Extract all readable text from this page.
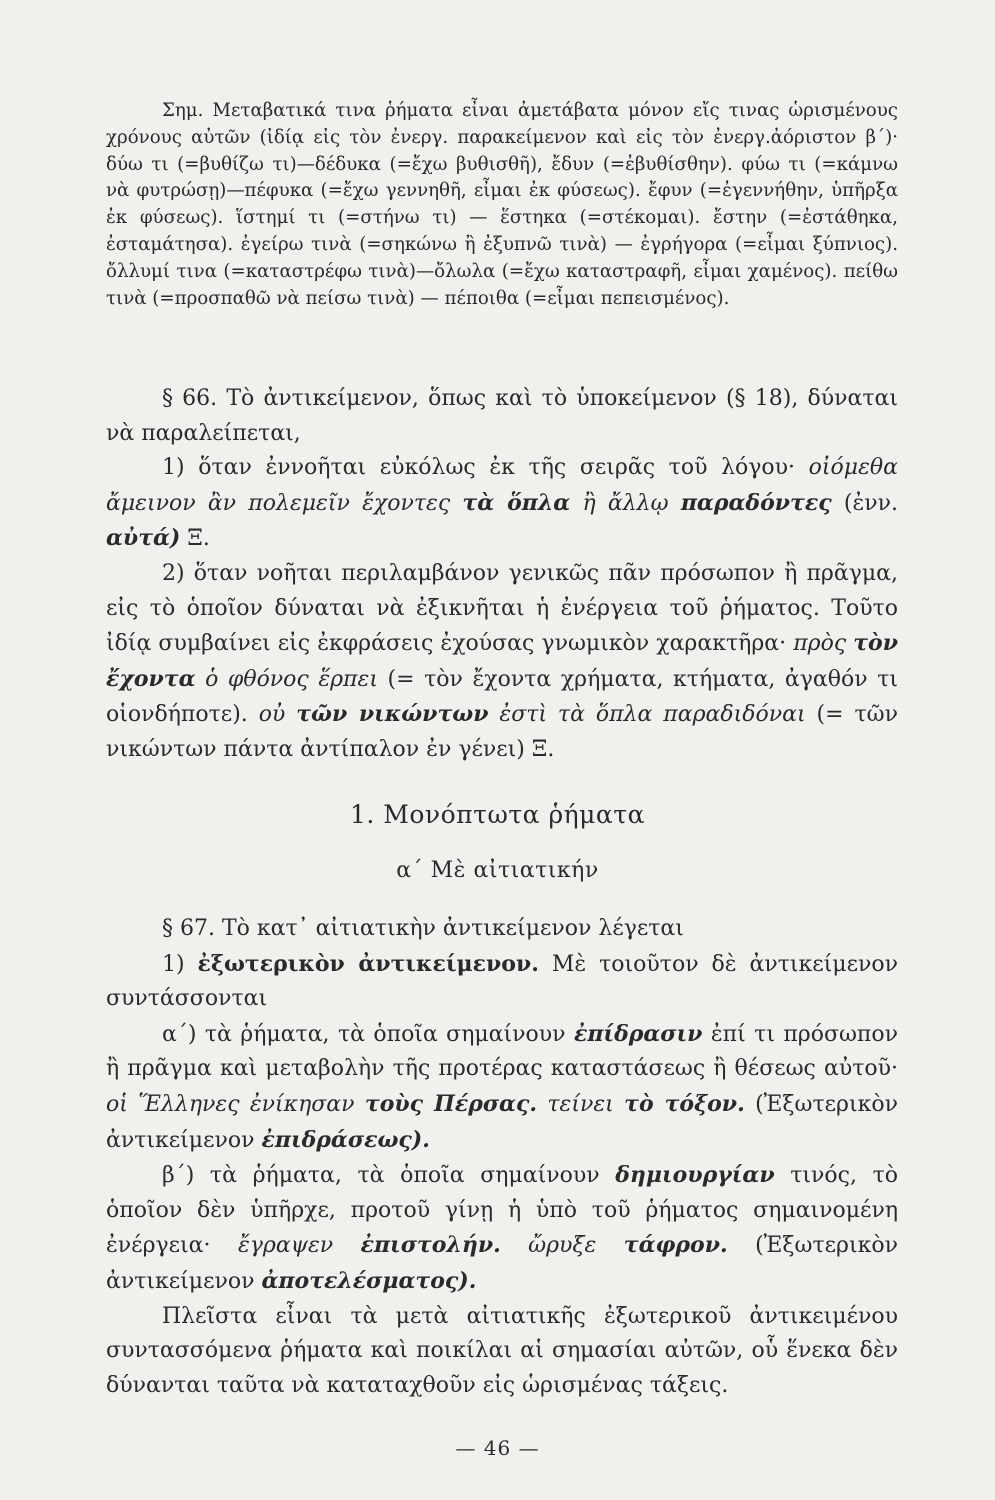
Σημ. Μεταβατικά τινα ῥήματα εἶναι ἀμετάβατα μόνον εἴς τινας ὡρισμένους χρόνους αὐτῶν (ἰδίᾳ εἰς τὸν ἐνεργ. παρακείμενον καὶ εἰς τὸν ἐνεργ.ἀόριστον β΄)· δύω τι (=βυθίζω τι)—δέδυκα (=ἔχω βυθισθῆ), ἔδυν (=ἐβυθίσθην). φύω τι (=κάμνω νὰ φυτρώσῃ)—πέφυκα (=ἔχω γεννηθῆ, εἶμαι ἐκ φύσεως). ἔφυν (=ἐγεννήθην, ὑπῆρξα ἐκ φύσεως). ἵστημί τι (=στήνω τι) — ἕστηκα (=στέκομαι). ἔστην (=ἐστάθηκα, ἐσταμάτησα). ἐγείρω τινὰ (=σηκώνω ἢ ἐξυπνῶ τινὰ) — ἐγρήγορα (=εἶμαι ξύπνιος). ὄλλυμί τινα (=καταστρέφω τινὰ)—ὄλωλα (=ἔχω καταστραφῆ, εἶμαι χαμένος). πείθω τινὰ (=προσπαθῶ νὰ πείσω τινὰ) — πέποιθα (=εἶμαι πεπεισμένος).

§ 66. Τὸ ἀντικείμενον, ὅπως καὶ τὸ ὑποκείμενον (§ 18), δύναται νὰ παραλείπεται,

1) ὅταν ἐννοῆται εὐκόλως ἐκ τῆς σειρᾶς τοῦ λόγου· οἰόμεθα ἄμεινον ἂν πολεμεῖν ἔχοντες τὰ ὅπλα ἢ ἄλλῳ παραδόντες (ἐνν. αὐτά) Ξ.

2) ὅταν νοῆται περιλαμβάνον γενικῶς πᾶν πρόσωπον ἢ πρᾶγμα, εἰς τὸ ὁποῖον δύναται νὰ ἐξικνῆται ἡ ἐνέργεια τοῦ ῥήματος. Τοῦτο ἰδίᾳ συμβαίνει εἰς ἐκφράσεις ἐχούσας γνωμικὸν χαρακτῆρα· πρὸς τὸν ἔχοντα ὁ φθόνος ἕρπει (= τὸν ἔχοντα χρήματα, κτήματα, ἀγαθόν τι οἱονδήποτε). οὐ τῶν νικώντων ἐστὶ τὰ ὅπλα παραδιδόναι (= τῶν νικώντων πάντα ἀντίπαλον ἐν γένει) Ξ.

1. Μονόπτωτα ῥήματα
α΄ Μὲ αἰτιατικήν

§ 67. Τὸ κατ᾿ αἰτιατικὴν ἀντικείμενον λέγεται

1) ἐξωτερικὸν ἀντικείμενον. Μὲ τοιοῦτον δὲ ἀντικείμενον συντάσσονται

α΄) τὰ ῥήματα, τὰ ὁποῖα σημαίνουν ἐπίδρασιν ἐπί τι πρόσωπον ἢ πρᾶγμα καὶ μεταβολὴν τῆς προτέρας καταστάσεως ἢ θέσεως αὐτοῦ· οἱ Ἕλληνες ἐνίκησαν τοὺς Πέρσας. τείνει τὸ τόξον. (Ἐξωτερικὸν ἀντικείμενον ἐπιδράσεως).

β΄) τὰ ῥήματα, τὰ ὁποῖα σημαίνουν δημιουργίαν τινός, τὸ ὁποῖον δὲν ὑπῆρχε, προτοῦ γίνῃ ἡ ὑπὸ τοῦ ῥήματος σημαινομένη ἐνέργεια· ἔγραψεν ἐπιστολήν. ὤρυξε τάφρον. (Ἐξωτερικὸν ἀντικείμενον ἀποτελέσματος).

Πλεῖστα εἶναι τὰ μετὰ αἰτιατικῆς ἐξωτερικοῦ ἀντικειμένου συντασσόμενα ῥήματα καὶ ποικίλαι αἱ σημασίαι αὐτῶν, οὗ ἕνεκα δὲν δύνανται ταῦτα νὰ καταταχθοῦν εἰς ὡρισμένας τάξεις.

— 46 —
